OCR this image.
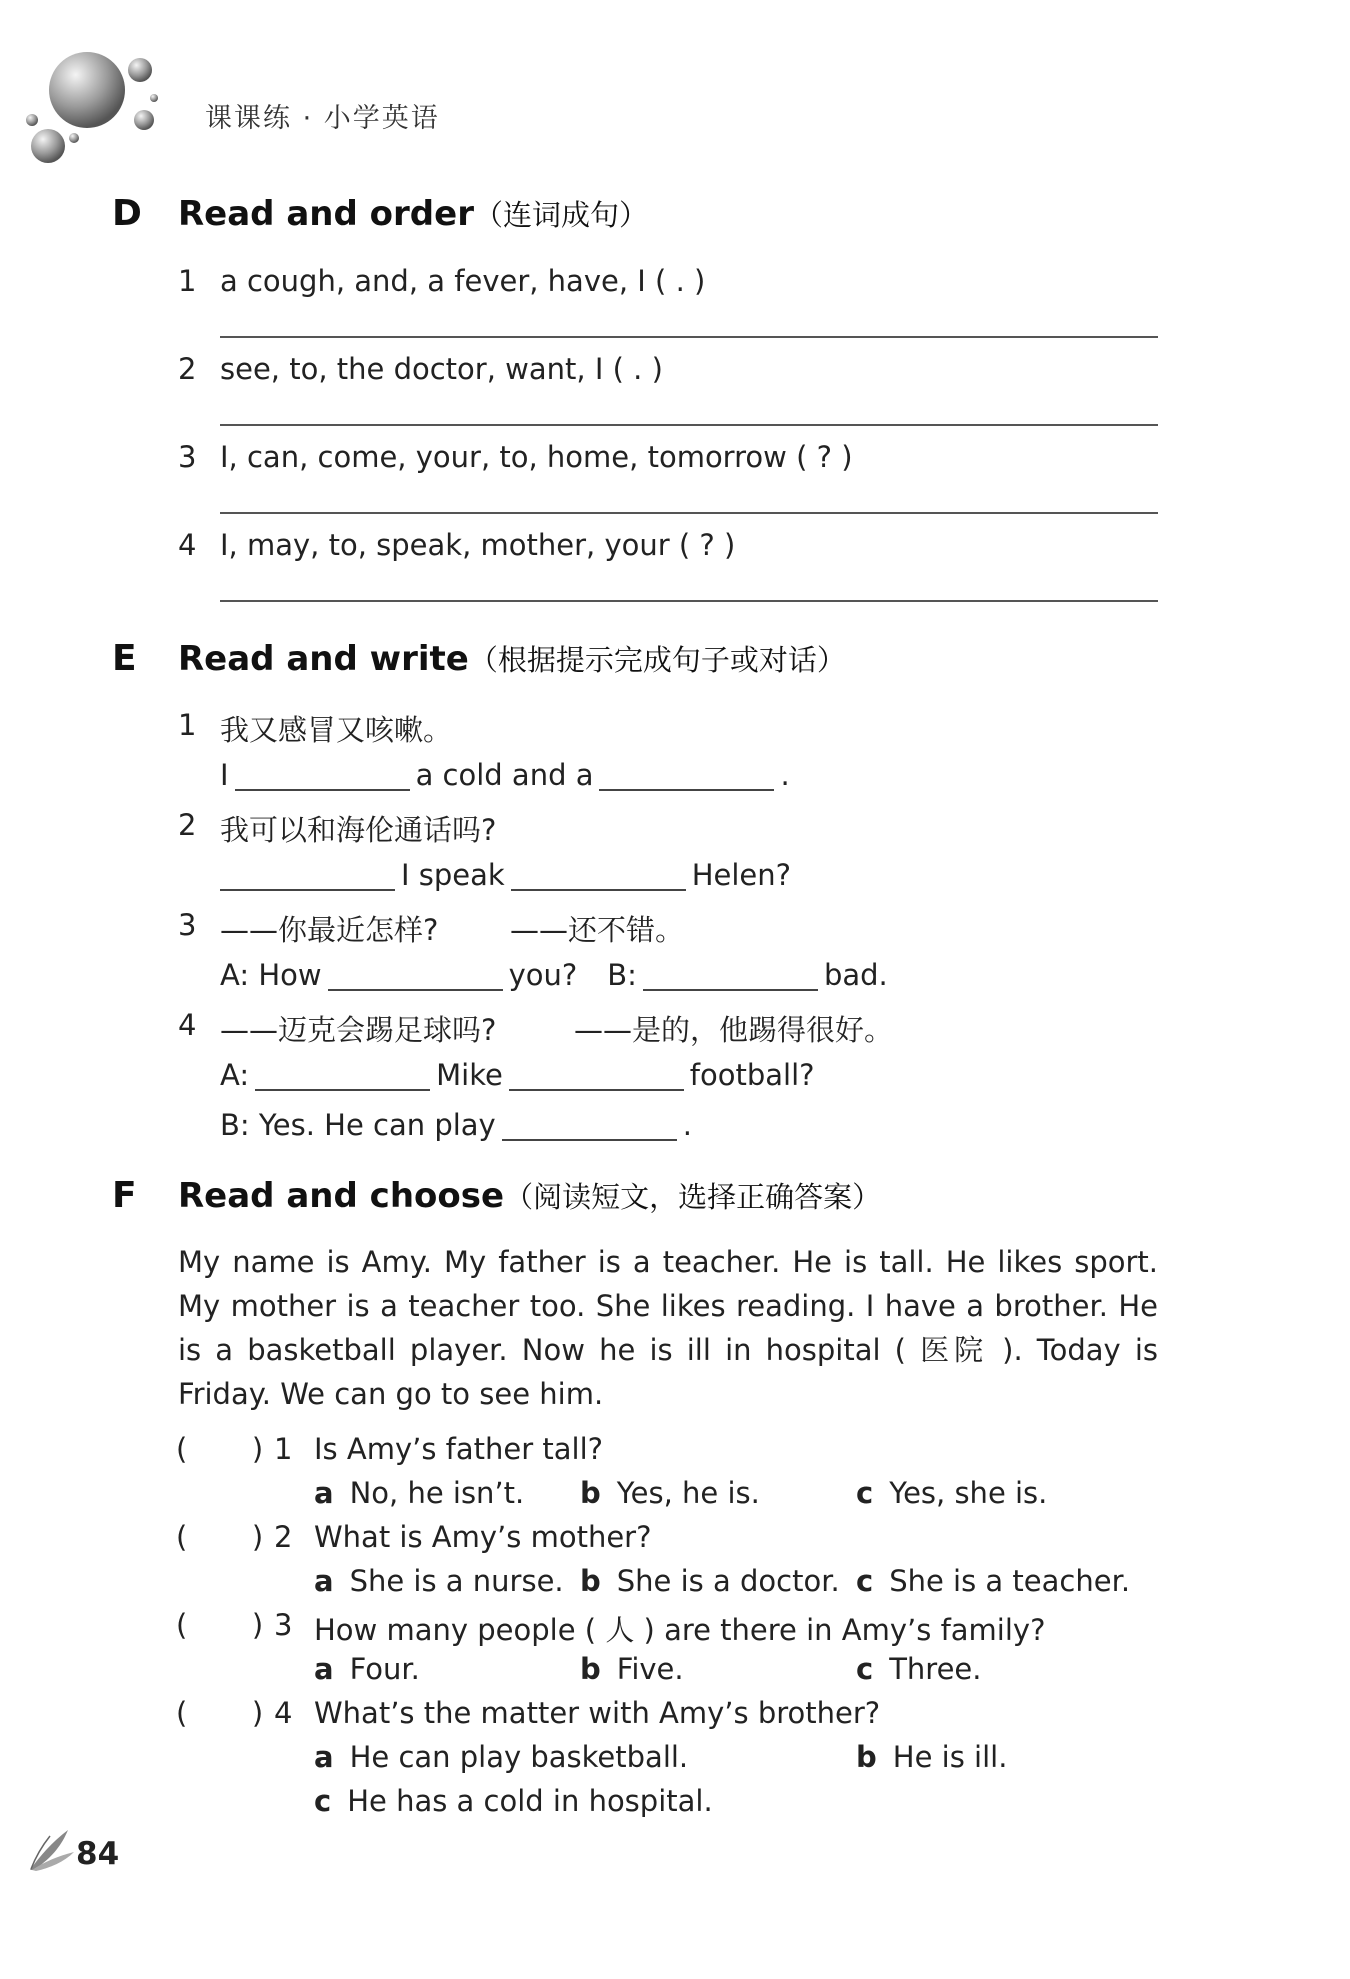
课课练 · 小学英语
D Read and order（连词成句）
1 a cough, and, a fever, have, I ( . )
2 see, to, the doctor, want, I ( . )
3 I, can, come, your, to, home, tomorrow ( ? )
4 I, may, to, speak, mother, your ( ? )
E Read and write（根据提示完成句子或对话）
1 我又感冒又咳嗽。
I	a cold and a	.
2 我可以和海伦通话吗?
I speak	Helen?
3 ——你最近怎样? ——还不错。
A: How	you? B:	bad.
4 ——迈克会踢足球吗?	——是的，他踢得很好。
A:	Mike	football?
B: Yes. He can play	.
F Read and choose（阅读短文，选择正确答案）
My name is Amy. My father is a teacher. He is tall. He likes sport. My mother is a teacher too. She likes reading. I have a brother. He is a basketball player. Now he is ill in hospital ( 医院 ). Today is Friday. We can go to see him.
(       ) 1 Is Amy’s father tall?
a No, he isn’t. b Yes, he is.	c Yes, she is.
(       ) 2 What is Amy’s mother?
a She is a nurse. b She is a doctor. c She is a teacher.
(       ) 3 How many people ( 人 ) are there in Amy’s family?
a Four.	b Five.	c Three.
(       ) 4 What’s the matter with Amy’s brother?
a He can play basketball.	b He is ill.
c He has a cold in hospital.
84
